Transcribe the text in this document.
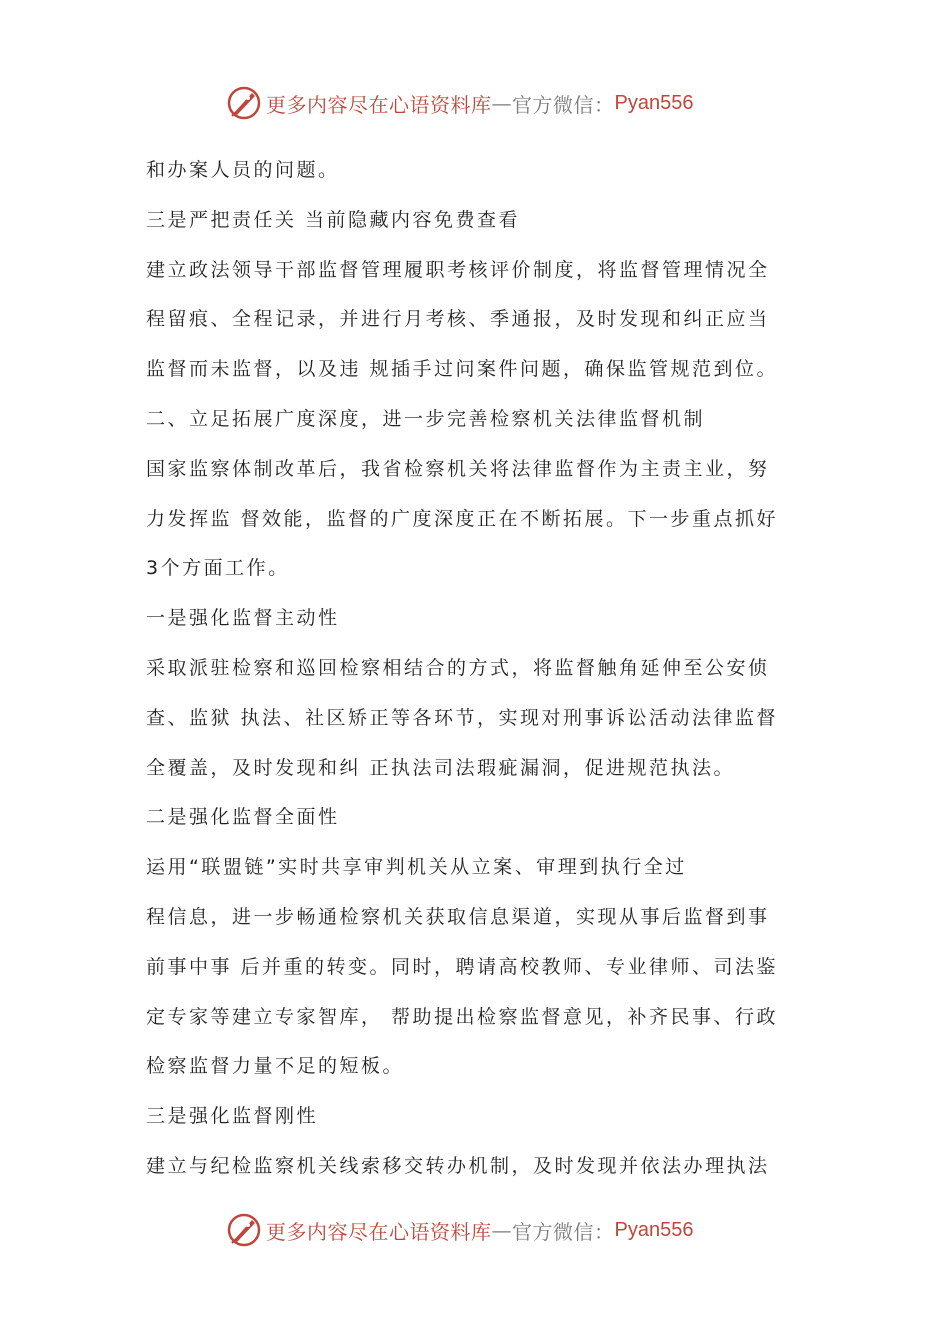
更多内容尽在心语资料库 — 官方微信： Pyan556
和办案人员的问题。
三是严把责任关 当前隐藏内容免费查看
建立政法领导干部监督管理履职考核评价制度，将监督管理情况全
程留痕、全程记录，并进行月考核、季通报，及时发现和纠正应当
监督而未监督，以及违 规插手过问案件问题，确保监管规范到位。
二、立足拓展广度深度，进一步完善检察机关法律监督机制
国家监察体制改革后，我省检察机关将法律监督作为主责主业，努
力发挥监 督效能，监督的广度深度正在不断拓展。下一步重点抓好
3个方面工作。
一是强化监督主动性
采取派驻检察和巡回检察相结合的方式，将监督触角延伸至公安侦
查、监狱 执法、社区矫正等各环节，实现对刑事诉讼活动法律监督
全覆盖，及时发现和纠 正执法司法瑕疵漏洞，促进规范执法。
二是强化监督全面性
运用“联盟链”实时共享审判机关从立案、审理到执行全过
程信息，进一步畅通检察机关获取信息渠道，实现从事后监督到事
前事中事 后并重的转变。同时，聘请高校教师、专业律师、司法鉴
定专家等建立专家智库， 帮助提出检察监督意见，补齐民事、行政
检察监督力量不足的短板。
三是强化监督刚性
建立与纪检监察机关线索移交转办机制，及时发现并依法办理执法
更多内容尽在心语资料库 — 官方微信： Pyan556
